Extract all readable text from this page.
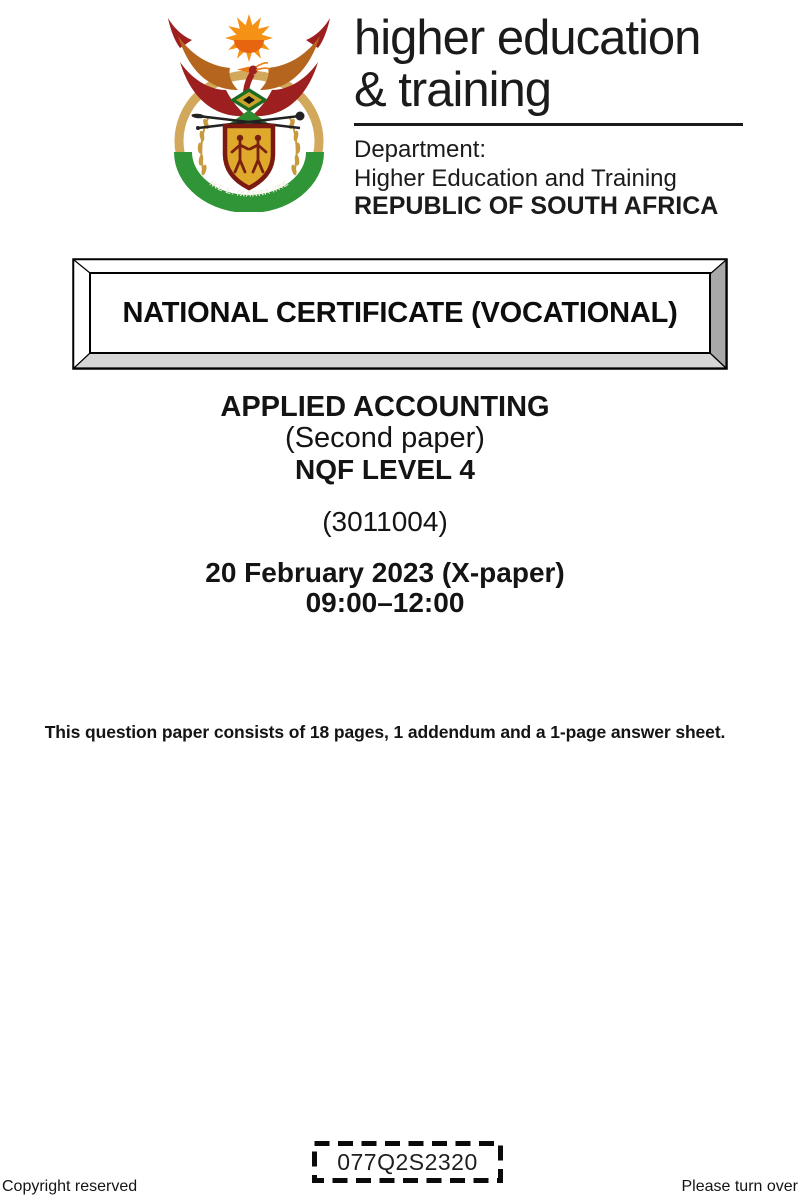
!KE E: /XARRA //KE
higher education
& training
Department:
Higher Education and Training
REPUBLIC OF SOUTH AFRICA
NATIONAL CERTIFICATE (VOCATIONAL)
APPLIED ACCOUNTING
(Second paper)
NQF LEVEL 4
(3011004)
20 February 2023 (X-paper)
09:00–12:00
This question paper consists of 18 pages, 1 addendum and a 1-page answer sheet.
077Q2S2320
Copyright reserved	Please turn over
